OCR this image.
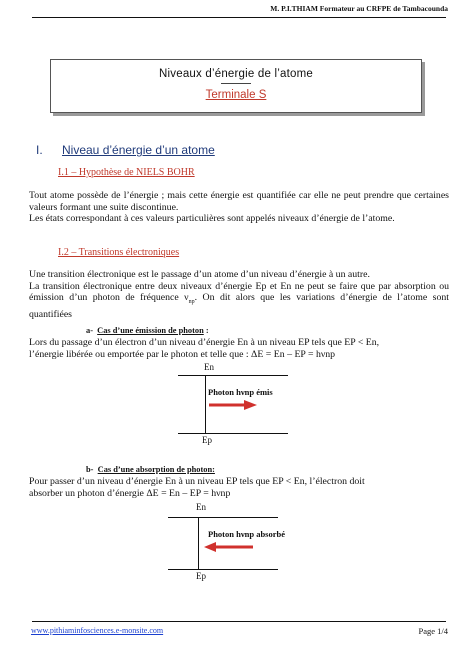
M. P.I.THIAM Formateur au CRFPE de Tambacounda
Niveaux d’énergie de l’atome
Terminale S
I. Niveau d’énergie d’un atome
I.1 – Hypothèse de NIELS BOHR

Tout atome possède de l’énergie ; mais cette énergie est quantifiée car elle ne peut prendre que certaines valeurs formant une suite discontinue.

Les états correspondant à ces valeurs particulières sont appelés niveaux d’énergie de l’atome.

I.2 – Transitions électroniques

Une transition électronique est le passage d’un atome d’un niveau d’énergie à un autre.

La transition électronique entre deux niveaux d’énergie Ep et En ne peut se faire que par absorption ou émission d’un photon de fréquence $\nu_{np}$. On dit alors que les variations d’énergie de l’atome sont quantifiées

a- Cas d’une émission de photon :

Lors du passage d’un électron d’un niveau d’énergie En à un niveau EP tels que EP < En,

l’énergie libérée ou emportée par le photon et telle que : ΔE = En – EP = hνnp

En
Ep
Photon hνnp émis
b- Cas d’une absorption de photon:

Pour passer d’un niveau d’énergie En à un niveau EP tels que EP < En, l’électron doit

absorber un photon d’énergie ΔE = En – EP = hνnp

En
Ep
Photon hνnp absorbé
www.pithiaminfosciences.e-monsite.com	Page 1/4
